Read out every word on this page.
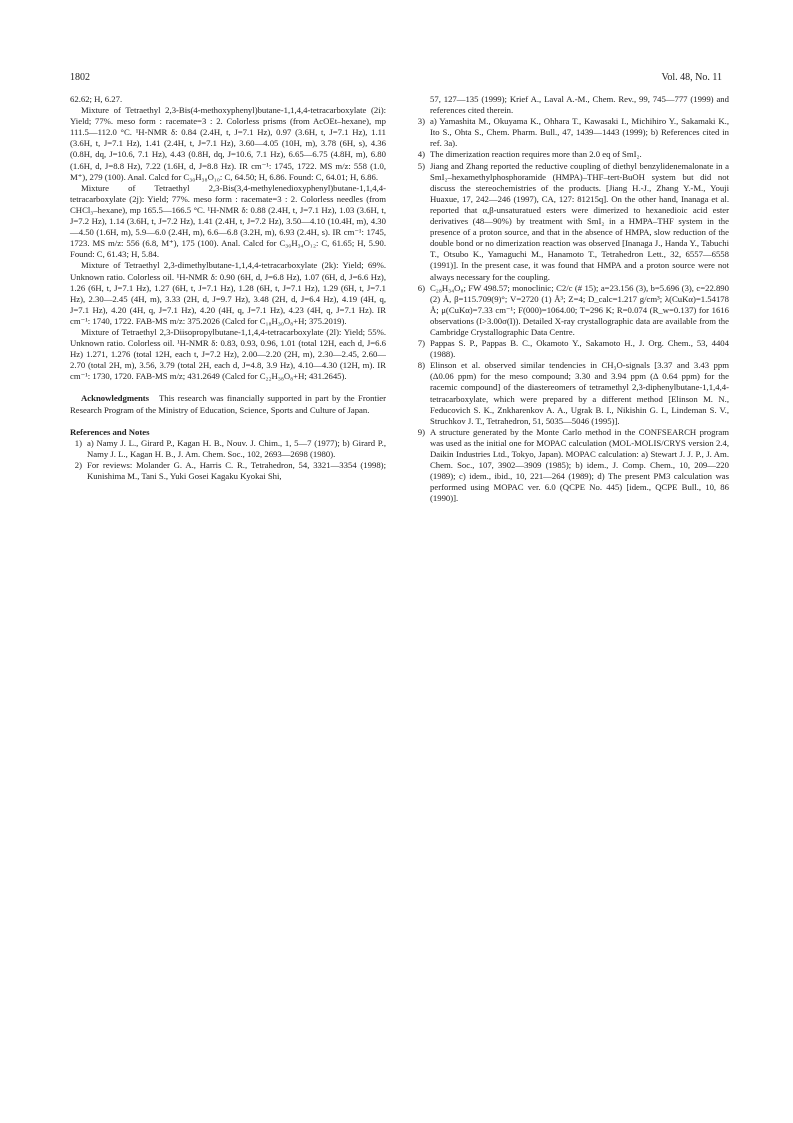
1802	Vol. 48, No. 11

62.62; H, 6.27.

Mixture of Tetraethyl 2,3-Bis(4-methoxyphenyl)butane-1,1,4,4-tetracarboxylate (2i): Yield; 77%. meso form : racemate=3 : 2. Colorless prisms (from AcOEt–hexane), mp 111.5—112.0 °C. ¹H-NMR δ: 0.84 (2.4H, t, J=7.1 Hz), 0.97 (3.6H, t, J=7.1 Hz), 1.11 (3.6H, t, J=7.1 Hz), 1.41 (2.4H, t, J=7.1 Hz), 3.60—4.05 (10H, m), 3.78 (6H, s), 4.36 (0.8H, dq, J=10.6, 7.1 Hz), 4.43 (0.8H, dq, J=10.6, 7.1 Hz), 6.65—6.75 (4.8H, m), 6.80 (1.6H, d, J=8.8 Hz), 7.22 (1.6H, d, J=8.8 Hz). IR cm⁻¹: 1745, 1722. MS m/z: 558 (1.0, M⁺), 279 (100). Anal. Calcd for C₃₀H₃₈O₁₀: C, 64.50; H, 6.86. Found: C, 64.01; H, 6.86.

Mixture of Tetraethyl 2,3-Bis(3,4-methylenedioxyphenyl)butane-1,1,4,4-tetracarboxylate (2j): Yield; 77%. meso form : racemate=3 : 2. Colorless needles (from CHCl₃–hexane), mp 165.5—166.5 °C. ¹H-NMR δ: 0.88 (2.4H, t, J=7.1 Hz), 1.03 (3.6H, t, J=7.2 Hz), 1.14 (3.6H, t, J=7.2 Hz), 1.41 (2.4H, t, J=7.2 Hz), 3.50—4.10 (10.4H, m), 4.30—4.50 (1.6H, m), 5.9—6.0 (2.4H, m), 6.6—6.8 (3.2H, m), 6.93 (2.4H, s). IR cm⁻¹: 1745, 1723. MS m/z: 556 (6.8, M⁺), 175 (100). Anal. Calcd for C₃₀H₃₄O₁₂: C, 61.65; H, 5.90. Found: C, 61.43; H, 5.84.

Mixture of Tetraethyl 2,3-dimethylbutane-1,1,4,4-tetracarboxylate (2k): Yield; 69%. Unknown ratio. Colorless oil. ¹H-NMR δ: 0.90 (6H, d, J=6.8 Hz), 1.07 (6H, d, J=6.6 Hz), 1.26 (6H, t, J=7.1 Hz), 1.27 (6H, t, J=7.1 Hz), 1.28 (6H, t, J=7.1 Hz), 1.29 (6H, t, J=7.1 Hz), 2.30—2.45 (4H, m), 3.33 (2H, d, J=9.7 Hz), 3.48 (2H, d, J=6.4 Hz), 4.19 (4H, q, J=7.1 Hz), 4.20 (4H, q, J=7.1 Hz), 4.20 (4H, q, J=7.1 Hz), 4.23 (4H, q, J=7.1 Hz). IR cm⁻¹: 1740, 1722. FAB-MS m/z: 375.2026 (Calcd for C₁₈H₃₀O₈+H; 375.2019).

Mixture of Tetraethyl 2,3-Diisopropylbutane-1,1,4,4-tetracarboxylate (2l): Yield; 55%. Unknown ratio. Colorless oil. ¹H-NMR δ: 0.83, 0.93, 0.96, 1.01 (total 12H, each d, J=6.6 Hz) 1.271, 1.276 (total 12H, each t, J=7.2 Hz), 2.00—2.20 (2H, m), 2.30—2.45, 2.60—2.70 (total 2H, m), 3.56, 3.79 (total 2H, each d, J=4.8, 3.9 Hz), 4.10—4.30 (12H, m). IR cm⁻¹: 1730, 1720. FAB-MS m/z; 431.2649 (Calcd for C₂₂H₃₈O₈+H; 431.2645).

Acknowledgments This research was financially supported in part by the Frontier Research Program of the Ministry of Education, Science, Sports and Culture of Japan.

References and Notes

1) a) Namy J. L., Girard P., Kagan H. B., Nouv. J. Chim., 1, 5—7 (1977); b) Girard P., Namy J. L., Kagan H. B., J. Am. Chem. Soc., 102, 2693—2698 (1980).
2) For reviews: Molander G. A., Harris C. R., Tetrahedron, 54, 3321—3354 (1998); Kunishima M., Tani S., Yuki Gosei Kagaku Kyokai Shi,
57, 127—135 (1999); Krief A., Laval A.-M., Chem. Rev., 99, 745—777 (1999) and references cited therein.
3) a) Yamashita M., Okuyama K., Ohhara T., Kawasaki I., Michihiro Y., Sakamaki K., Ito S., Ohta S., Chem. Pharm. Bull., 47, 1439—1443 (1999); b) References cited in ref. 3a).
4) The dimerization reaction requires more than 2.0 eq of SmI₂.
5) Jiang and Zhang reported the reductive coupling of diethyl benzylidenemalonate in a SmI₂–hexamethylphosphoramide (HMPA)–THF–tert-BuOH system but did not discuss the stereochemistries of the products. [Jiang H.-J., Zhang Y.-M., Youji Huaxue, 17, 242—246 (1997), CA, 127: 81215q]. On the other hand, Inanaga et al. reported that α,β-unsaturatued esters were dimerized to hexanedioic acid ester derivatives (48—90%) by treatment with SmI₂ in a HMPA–THF system in the presence of a proton source, and that in the absence of HMPA, slow reduction of the double bond or no dimerization reaction was observed [Inanaga J., Handa Y., Tabuchi T., Otsubo K., Yamaguchi M., Hanamoto T., Tetrahedron Lett., 32, 6557—6558 (1991)]. In the present case, it was found that HMPA and a proton source were not always necessary for the coupling.
6) C₂₈H₃₄O₈; FW 498.57; monoclinic; C2/c (# 15); a=23.156 (3), b=5.696 (3), c=22.890 (2) Å, β=115.709(9)°; V=2720 (1) Å³; Z=4; D_calc=1.217 g/cm³; λ(CuKα)=1.54178 Å; μ(CuKα)=7.33 cm⁻¹; F(000)=1064.00; T=296 K; R=0.074 (R_w=0.137) for 1616 observations (I>3.00σ(I)). Detailed X-ray crystallographic data are available from the Cambridge Crystallographic Data Centre.
7) Pappas S. P., Pappas B. C., Okamoto Y., Sakamoto H., J. Org. Chem., 53, 4404 (1988).
8) Elinson et al. observed similar tendencies in CH₃O-signals [3.37 and 3.43 ppm (Δ0.06 ppm) for the meso compound; 3.30 and 3.94 ppm (Δ 0.64 ppm) for the racemic compound] of the diastereomers of tetramethyl 2,3-diphenylbutane-1,1,4,4-tetracarboxylate, which were prepared by a different method [Elinson M. N., Feducovich S. K., Znkharenkov A. A., Ugrak B. I., Nikishin G. I., Lindeman S. V., Struchkov J. T., Tetrahedron, 51, 5035—5046 (1995)].
9) A structure generated by the Monte Carlo method in the CONFSEARCH program was used as the initial one for MOPAC calculation (MOL-MOLIS/CRYS version 2.4, Daikin Industries Ltd., Tokyo, Japan). MOPAC calculation: a) Stewart J. J. P., J. Am. Chem. Soc., 107, 3902—3909 (1985); b) idem., J. Comp. Chem., 10, 209—220 (1989); c) idem., ibid., 10, 221—264 (1989); d) The present PM3 calculation was performed using MOPAC ver. 6.0 (QCPE No. 445) [idem., QCPE Bull., 10, 86 (1990)].
